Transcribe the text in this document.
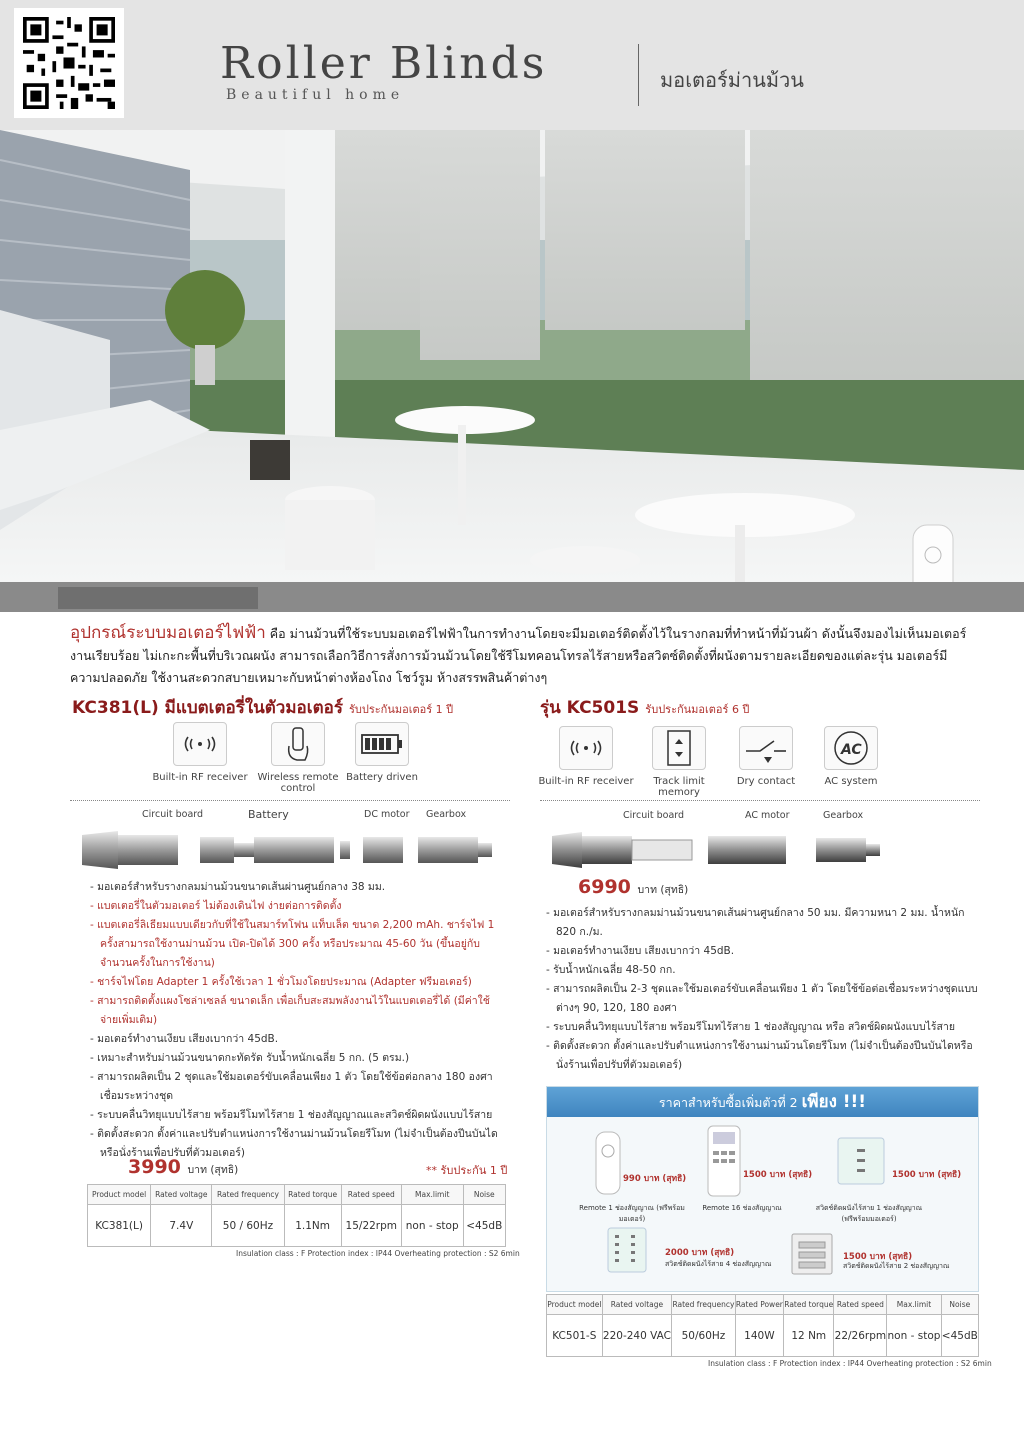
Roller Blinds
Beautiful home
มอเตอร์ม่านม้วน
อุปกรณ์ระบบมอเตอร์ไฟฟ้า คือ ม่านม้วนที่ใช้ระบบมอเตอร์ไฟฟ้าในการทำงานโดยจะมีมอเตอร์ติดตั้งไว้ในรางกลมที่ทำหน้าที่ม้วนผ้า ดังนั้นจึงมองไม่เห็นมอเตอร์ งานเรียบร้อย ไม่เกะกะพื้นที่บริเวณผนัง สามารถเลือกวิธีการสั่งการม้วนม้วนโดยใช้รีโมทคอนโทรลไร้สายหรือสวิตซ์ติดตั้งที่ผนังตามรายละเอียดของแต่ละรุ่น มอเตอร์มีความปลอดภัย ใช้งานสะดวกสบายเหมาะกับหน้าต่างห้องโถง โชว์รูม ห้างสรรพสินค้าต่างๆ
KC381(L) มีแบตเตอรี่ในตัวมอเตอร์ รับประกันมอเตอร์ 1 ปี
Built-in RF receiver Wireless remote control
Battery driven
Circuit board	Battery	DC motor Gearbox
- มอเตอร์สำหรับรางกลมม่านม้วนขนาดเส้นผ่านศูนย์กลาง 38 มม.
- แบตเตอรี่ในตัวมอเตอร์ ไม่ต้องเดินไฟ ง่ายต่อการติดตั้ง
- แบตเตอรี่ลิเธียมแบบเดียวกับที่ใช้ในสมาร์ทโฟน แท็บเล็ต ขนาด 2,200 mAh. ชาร์จไฟ 1 ครั้งสามารถใช้งานม่านม้วน เปิด-ปิดได้ 300 ครั้ง หรือประมาณ 45-60 วัน (ขึ้นอยู่กับจำนวนครั้งในการใช้งาน)
- ชาร์จไฟโดย Adapter 1 ครั้งใช้เวลา 1 ชั่วโมงโดยประมาณ (Adapter ฟรีมอเตอร์)
- สามารถติดตั้งแผงโซล่าเซลล์ ขนาดเล็ก เพื่อเก็บสะสมพลังงานไว้ในแบตเตอรี่ได้ (มีค่าใช้จ่ายเพิ่มเติม)
- มอเตอร์ทำงานเงียบ เสียงเบากว่า 45dB.
- เหมาะสำหรับม่านม้วนขนาดกะทัดรัด รับน้ำหนักเฉลี่ย 5 กก. (5 ตรม.)
- สามารถผลิตเป็น 2 ชุดและใช้มอเตอร์ขับเคลื่อนเพียง 1 ตัว โดยใช้ข้อต่อกลาง 180 องศา เชื่อมระหว่างชุด
- ระบบคลื่นวิทยุแบบไร้สาย พร้อมรีโมทไร้สาย 1 ช่องสัญญาณและสวิตช์ผิดผนังแบบไร้สาย
- ติดตั้งสะดวก ตั้งค่าและปรับตำแหน่งการใช้งานม่านม้วนโดยรีโมท (ไม่จำเป็นต้องปีนบันไดหรือนั่งร้านเพื่อปรับที่ตัวมอเตอร์)
3990 บาท (สุทธิ)	** รับประกัน 1 ปี
Product model	Rated voltage	Rated frequency	Rated torque	Rated speed	Max.limit	Noise
KC381(L)	7.4V	50 / 60Hz	1.1Nm	15/22rpm	non - stop	<45dB
Insulation class : F Protection index : IP44 Overheating protection : S2 6min
รุ่น KC501S รับประกันมอเตอร์ 6 ปี
Built-in RF receiver	Track limit memory
Dry contact
AC
AC system
Circuit board	AC motor	Gearbox
6990 บาท (สุทธิ)
- มอเตอร์สำหรับรางกลมม่านม้วนขนาดเส้นผ่านศูนย์กลาง 50 มม. มีความหนา 2 มม. น้ำหนัก 820 ก./ม.
- มอเตอร์ทำงานเงียบ เสียงเบากว่า 45dB.
- รับน้ำหนักเฉลี่ย 48-50 กก.
- สามารถผลิตเป็น 2-3 ชุดและใช้มอเตอร์ขับเคลื่อนเพียง 1 ตัว โดยใช้ข้อต่อเชื่อมระหว่างชุดแบบต่างๆ 90, 120, 180 องศา
- ระบบคลื่นวิทยุแบบไร้สาย พร้อมรีโมทไร้สาย 1 ช่องสัญญาณ หรือ สวิตช์ผิดผนังแบบไร้สาย
- ติดตั้งสะดวก ตั้งค่าและปรับตำแหน่งการใช้งานม่านม้วนโดยรีโมท (ไม่จำเป็นต้องปีนบันไดหรือนั่งร้านเพื่อปรับที่ตัวมอเตอร์)
ราคาสำหรับซื้อเพิ่มตัวที่ 2 เพียง !!!
990 บาท (สุทธิ)
Remote 1 ช่องสัญญาณ (ฟรีพร้อมมอเตอร์)
1500 บาท (สุทธิ)
Remote 16 ช่องสัญญาณ
1500 บาท (สุทธิ)
สวิตช์ติดผนังไร้สาย 1 ช่องสัญญาณ (ฟรีพร้อมมอเตอร์)
2000 บาท (สุทธิ)
สวิตช์ติดผนังไร้สาย 4 ช่องสัญญาณ
1500 บาท (สุทธิ)
สวิตช์ติดผนังไร้สาย 2 ช่องสัญญาณ
Product model	Rated voltage	Rated frequency	Rated Power	Rated torque	Rated speed	Max.limit	Noise
KC501-S	220-240 VAC	50/60Hz	140W	12 Nm	22/26rpm	non - stop	<45dB
Insulation class : F Protection index : IP44 Overheating protection : S2 6min
